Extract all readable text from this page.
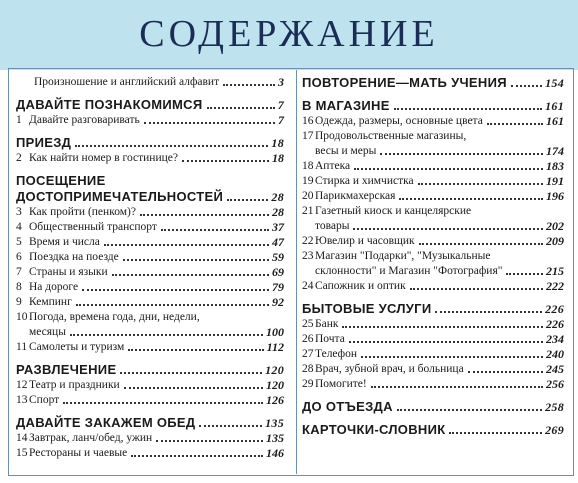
СОДЕРЖАНИЕ
Произношение и английский алфавит	3
ДАВАЙТЕ ПОЗНАКОМИМСЯ	7
1 Давайте разговаривать	7
ПРИЕЗД	18
2 Как найти номер в гостинице?	18
ПОСЕЩЕНИЕ
ДОСТОПРИМЕЧАТЕЛЬНОСТЕЙ	28
3 Как пройти (пенком)?	28
4 Общественный транспорт	37
5 Время и числа	47
6 Поездка на поезде	59
7 Страны и языки	69
8 На дороге	79
9 Кемпинг	92
10 Погода, времена года, дни, недели,
месяцы	100
11 Самолеты и туризм	112
РАЗВЛЕЧЕНИЕ	120
12 Театр и праздники	120
13 Спорт	126
ДАВАЙТЕ ЗАКАЖЕМ ОБЕД	135
14 Завтрак, ланч/обед, ужин	135
15 Рестораны и чаевые	146
ПОВТОРЕНИЕ—МАТЬ УЧЕНИЯ	154
В МАГАЗИНЕ	161
16 Одежда, размеры, основные цвета	161
17 Продовольственные магазины,
весы и меры	174
18 Аптека	183
19 Стирка и химчистка	191
20 Парикмахерская	196
21 Газетный киоск и канцелярские
товары	202
22 Ювелир и часовщик	209
23 Магазин "Подарки", "Музыкальные
склонности" и Магазин "Фотография"	215
24 Сапожник и оптик	222
БЫТОВЫЕ УСЛУГИ	226
25 Банк	226
26 Почта	234
27 Телефон	240
28 Врач, зубной врач, и больница	245
29 Помогите!	256
ДО ОТЪЕЗДА	258
КАРТОЧКИ-СЛОВНИК	269
